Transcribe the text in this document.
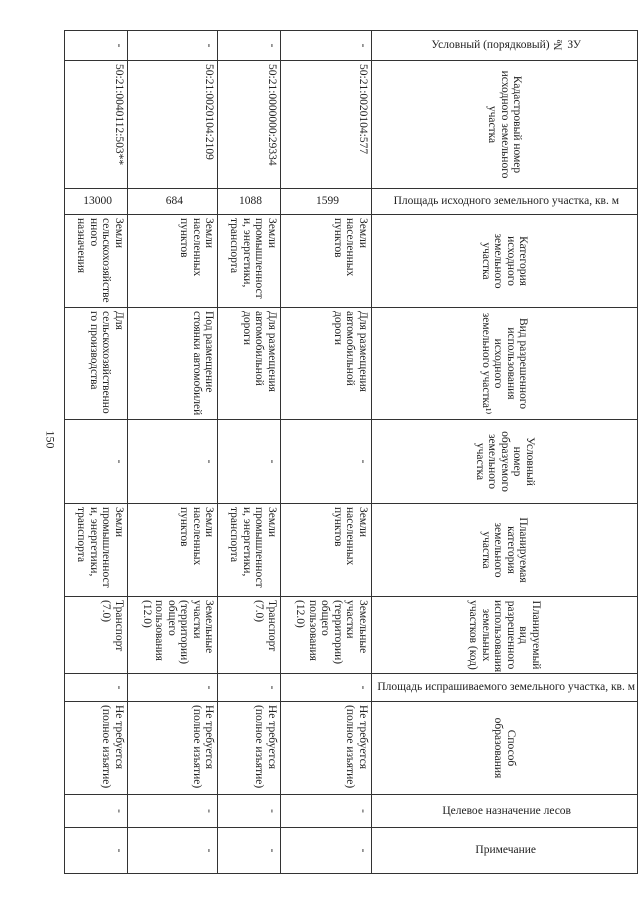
150
Условный (порядковый) № ЗУ	Кадастровый номер исходного земельного участка	Площадь исходного земельного участка, кв. м	Категория исходного земельного участка	Вид разрешенного использования исходного земельного участка¹⁾	Условный номер образуемого земельного участка	Планируемая категория земельного участка	Планируемый вид разрешенного использования земельных участков (код)	Площадь испрашиваемого земельного участка, кв. м	Способ образования	Целевое назначение лесов	Примечание
-	50:21:0020104:577	1599	Земли населенных пунктов	Для размещения автомобильной дороги	-	Земли населенных пунктов	Земельные участки (территории) общего пользования (12.0)	-	Не требуется (полное изъятие)	-	-
-	50:21:0000000:29334	1088	Земли промышленности, энергетики, транспорта	Для размещения автомобильной дороги	-	Земли промышленности, энергетики, транспорта	Транспорт (7.0)	-	Не требуется (полное изъятие)	-	-
-	50:21:0020104:2109	684	Земли населенных пунктов	Под размещение стоянки автомобилей	-	Земли населенных пунктов	Земельные участки (территории) общего пользования (12.0)	-	Не требуется (полное изъятие)	-	-
-	50:21:0040112:503**	13000	Земли сельскохозяйственного назначения	Для сельскохозяйственного производства	-	Земли промышленности, энергетики, транспорта	Транспорт (7.0)	-	Не требуется (полное изъятие)	-	-
